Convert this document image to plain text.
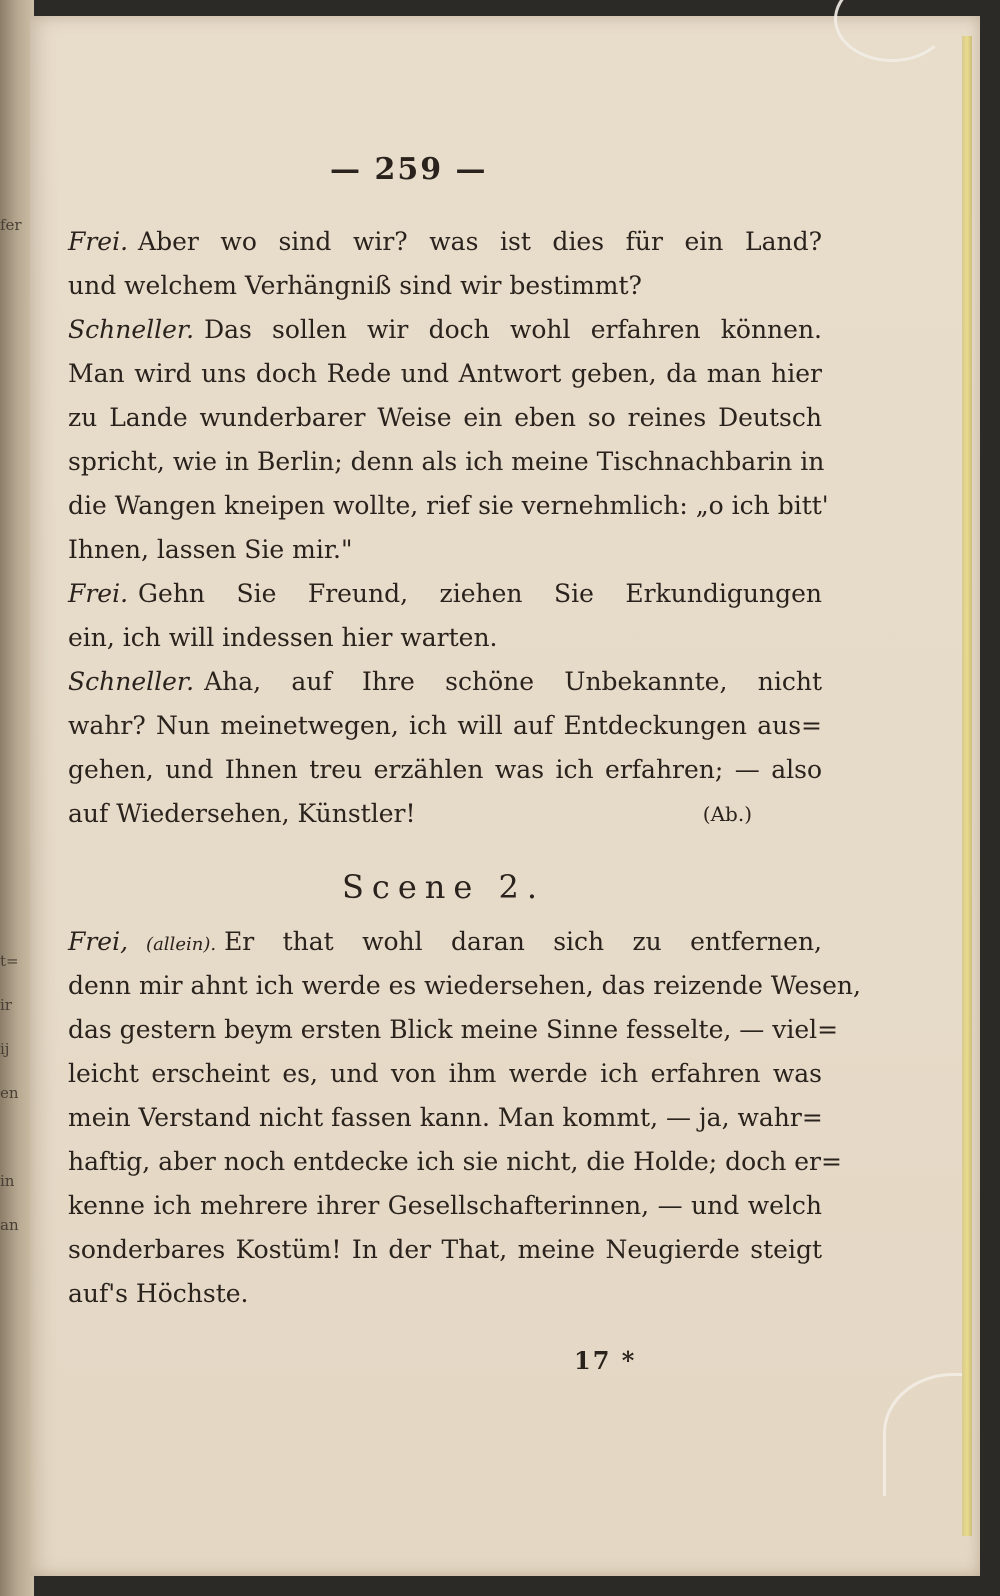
fer
t=
ir
ij
en
in
an
— 259 —
Frei. Aber wo sind wir? was ist dies für ein Land?
und welchem Verhängniß sind wir bestimmt?
Schneller. Das sollen wir doch wohl erfahren können.
Man wird uns doch Rede und Antwort geben, da man hier
zu Lande wunderbarer Weise ein eben so reines Deutsch
spricht, wie in Berlin; denn als ich meine Tischnachbarin in
die Wangen kneipen wollte, rief sie vernehmlich: „o ich bitt'
Ihnen, lassen Sie mir."
Frei. Gehn Sie Freund, ziehen Sie Erkundigungen
ein, ich will indessen hier warten.
Schneller. Aha, auf Ihre schöne Unbekannte, nicht
wahr? Nun meinetwegen, ich will auf Entdeckungen aus=
gehen, und Ihnen treu erzählen was ich erfahren; — also
auf Wiedersehen, Künstler!	(Ab.)
Scene 2.
Frei, (allein). Er that wohl daran sich zu entfernen,
denn mir ahnt ich werde es wiedersehen, das reizende Wesen,
das gestern beym ersten Blick meine Sinne fesselte, — viel=
leicht erscheint es, und von ihm werde ich erfahren was
mein Verstand nicht fassen kann. Man kommt, — ja, wahr=
haftig, aber noch entdecke ich sie nicht, die Holde; doch er=
kenne ich mehrere ihrer Gesellschafterinnen, — und welch
sonderbares Kostüm! In der That, meine Neugierde steigt
auf's Höchste.
17 *
